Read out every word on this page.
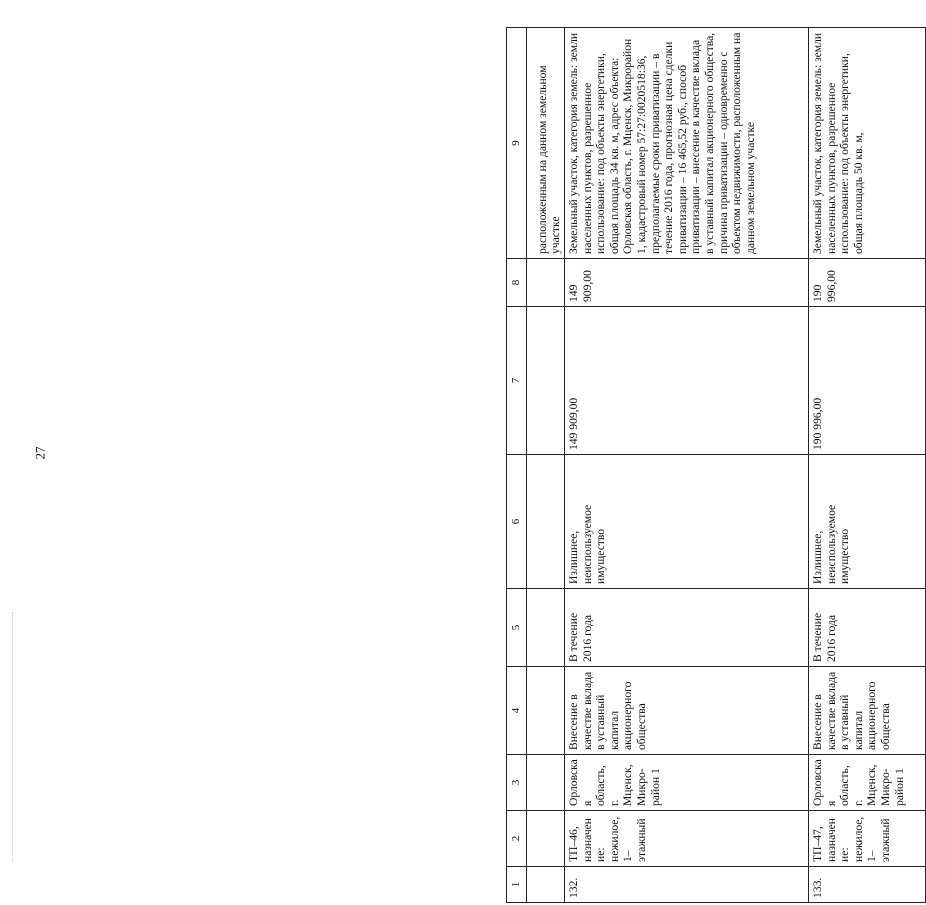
27
1	2	3	4	5	6	7	8	9

								расположенным на данном земельном участке

132.	ТП–46, назначение: нежилое, 1–этажный	Орловская область, г. Мценск, Микро-район 1	Внесение в качестве вклада в уставный капитал акционерного общества	В течение 2016 года	Излишнее, неиспользуемое имущество	149 909,00	149 909,00	Земельный участок, категория земель: земли населенных пунктов, разрешенное использование: под объекты энергетики, общая площадь 34 кв. м, адрес объекта: Орловская область, г. Мценск, Микрорайон 1, кадастровый номер 57:27:0020518:36, предполагаемые сроки приватизации – в течение 2016 года, прогнозная цена сделки приватизации – 16 465,52 руб., способ приватизации – внесение в качестве вклада в уставный капитал акционерного общества, причина приватизации – одновременно с объектом недвижимости, расположенным на данном земельном участке
133.	ТП–47, назначение: нежилое, 1–этажный	Орловская область, г. Мценск, Микро-район 1	Внесение в качестве вклада в уставный капитал акционерного общества	В течение 2016 года	Излишнее, неиспользуемое имущество	190 996,00	190 996,00	Земельный участок, категория земель: земли населенных пунктов, разрешенное использование: под объекты энергетики, общая площадь 50 кв. м,
